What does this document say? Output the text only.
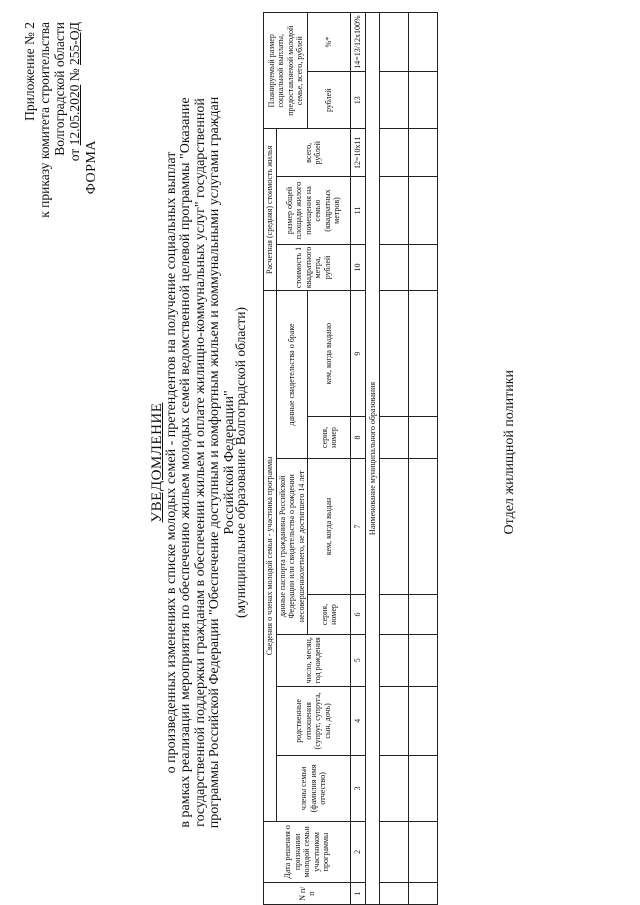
Приложение № 2 к приказу комитета строительства Волгоградской области от 12.05.2020 № 255-ОД
ФОРМА
УВЕДОМЛЕНИЕ
о произведенных изменениях в списке молодых семей - претендентов на получение социальных выплат в рамках реализации мероприятия по обеспечению жильем молодых семей ведомственной целевой программы "Оказание государственной поддержки гражданам в обеспечении жильем и оплате жилищно-коммунальных услуг" государственной программы Российской Федерации "Обеспечение доступным и комфортным жильем и коммунальными услугами граждан Российской Федерации"
(муниципальное образование Волгоградской области)
N п/п	Дата решения о признании молодой семьи участником программы	Сведения о членах молодой семьи - участника программы							Расчетная (средняя) стоимость жилья			Планируемый размер социальной выплаты, предоставляемой молодой семье, всего, рублей	
		члены семьи (фамилия имя отчество)	родственные отношения (супруг, супруга, сын, дочь)	число, месяц, год рождения	данные паспорта гражданина Российской Федерации или свидетельства о рождении несовершеннолетнего, не достигшего 14 лет		данные свидетельства о браке		стоимость 1 квадратного метра, рублей	размер общей площади жилого помещения на семью (квадратных метров)	всего, рублей		
					серия, номер	кем, когда выдан	серия, номер	кем, когда выдано				рублей	%*
1	2	3	4	5	6	7	8	9	10	11	12=10х11	13	14=13/12х100%
Наименование муниципального образования													

														Отдел жилищной политики
